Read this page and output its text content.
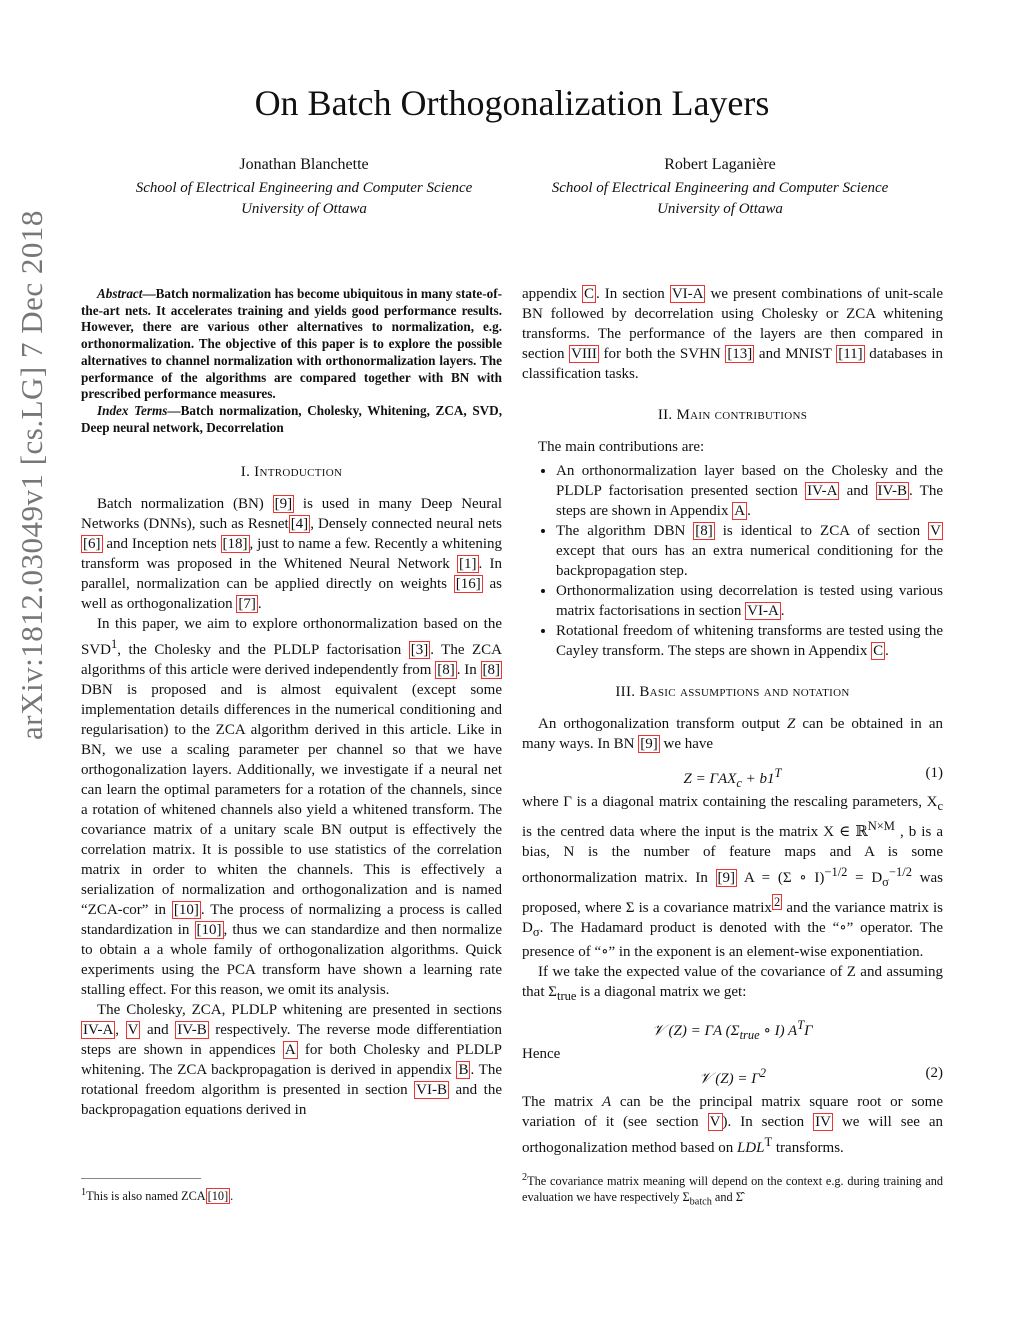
arXiv:1812.03049v1 [cs.LG] 7 Dec 2018
On Batch Orthogonalization Layers
Jonathan Blanchette
School of Electrical Engineering and Computer Science
University of Ottawa
Robert Laganière
School of Electrical Engineering and Computer Science
University of Ottawa

Abstract—Batch normalization has become ubiquitous in many state-of-the-art nets. It accelerates training and yields good performance results. However, there are various other alternatives to normalization, e.g. orthonormalization. The objective of this paper is to explore the possible alternatives to channel normalization with orthonormalization layers. The performance of the algorithms are compared together with BN with prescribed performance measures.

Index Terms—Batch normalization, Cholesky, Whitening, ZCA, SVD, Deep neural network, Decorrelation

I. Introduction

Batch normalization (BN) [9] is used in many Deep Neural Networks (DNNs), such as Resnet [4] , Densely connected neural nets [6] and Inception nets [18] , just to name a few. Recently a whitening transform was proposed in the Whitened Neural Network [1] . In parallel, normalization can be applied directly on weights [16] as well as orthogonalization [7] .

In this paper, we aim to explore orthonormalization based on the SVD$^1$, the Cholesky and the PLDLP factorisation [3] . The ZCA algorithms of this article were derived independently from [8] . In [8] DBN is proposed and is almost equivalent (except some implementation details differences in the numerical conditioning and regularisation) to the ZCA algorithm derived in this article. Like in BN, we use a scaling parameter per channel so that we have orthogonalization layers. Additionally, we investigate if a neural net can learn the optimal parameters for a rotation of the channels, since a rotation of whitened channels also yield a whitened transform. The covariance matrix of a unitary scale BN output is effectively the correlation matrix. It is possible to use statistics of the correlation matrix in order to whiten the channels. This is effectively a serialization of normalization and orthogonalization and is named “ZCA-cor” in [10] . The process of normalizing a process is called standardization in [10] , thus we can standardize and then normalize to obtain a a whole family of orthogonalization algorithms. Quick experiments using the PCA transform have shown a learning rate stalling effect. For this reason, we omit its analysis.

The Cholesky, ZCA, PLDLP whitening are presented in sections IV-A , V and IV-B respectively. The reverse mode differentiation steps are shown in appendices A for both Cholesky and PLDLP whitening. The ZCA backpropagation is derived in appendix B . The rotational freedom algorithm is presented in section VI-B and the backpropagation equations derived in

$^1$This is also named ZCA [10] .

appendix C . In section VI-A we present combinations of unit-scale BN followed by decorrelation using Cholesky or ZCA whitening transforms. The performance of the layers are then compared in section VIII for both the SVHN [13] and MNIST [11] databases in classification tasks.

II. Main contributions

The main contributions are:

• An orthonormalization layer based on the Cholesky and the PLDLP factorisation presented section IV-A and IV-B . The steps are shown in Appendix A .
• The algorithm DBN [8] is identical to ZCA of section V except that ours has an extra numerical conditioning for the backpropagation step.
• Orthonormalization using decorrelation is tested using various matrix factorisations in section VI-A .
• Rotational freedom of whitening transforms are tested using the Cayley transform. The steps are shown in Appendix C .
III. Basic assumptions and notation

An orthogonalization transform output Z can be obtained in an many ways. In BN [9] we have

$Z = \Gamma AX_c + b1^T$	(1)

where Γ is a diagonal matrix containing the rescaling parameters, $X_c$ is the centred data where the input is the matrix X ∈ ℝ$^{N\times M}$ , b is a bias, N is the number of feature maps and A is some orthonormalization matrix. In [9] A = (Σ ∘ $I)^{-1/2} = D_\sigma^{-1/2}$ was proposed, where Σ is a covariance matrix $^2$ and the variance matrix is $D_\sigma$. The Hadamard product is denoted with the “∘” operator. The presence of “∘” in the exponent is an element-wise exponentiation.

If we take the expected value of the covariance of Z and assuming that $\Sigma_{true}$ is a diagonal matrix we get:

𝒱 (Z) = ΓA ($\Sigma_{true}$ ∘ I) $A^T\Gamma$

Hence

𝒱 $(Z) = \Gamma^2$	(2)

The matrix A can be the principal matrix square root or some variation of it (see section V ). In section IV we will see an orthogonalization method based on $LDL^T$ transforms.

$^2$The covariance matrix meaning will depend on the context e.g. during training and evaluation we have respectively $\Sigma_{batch}$ and Σ̂
